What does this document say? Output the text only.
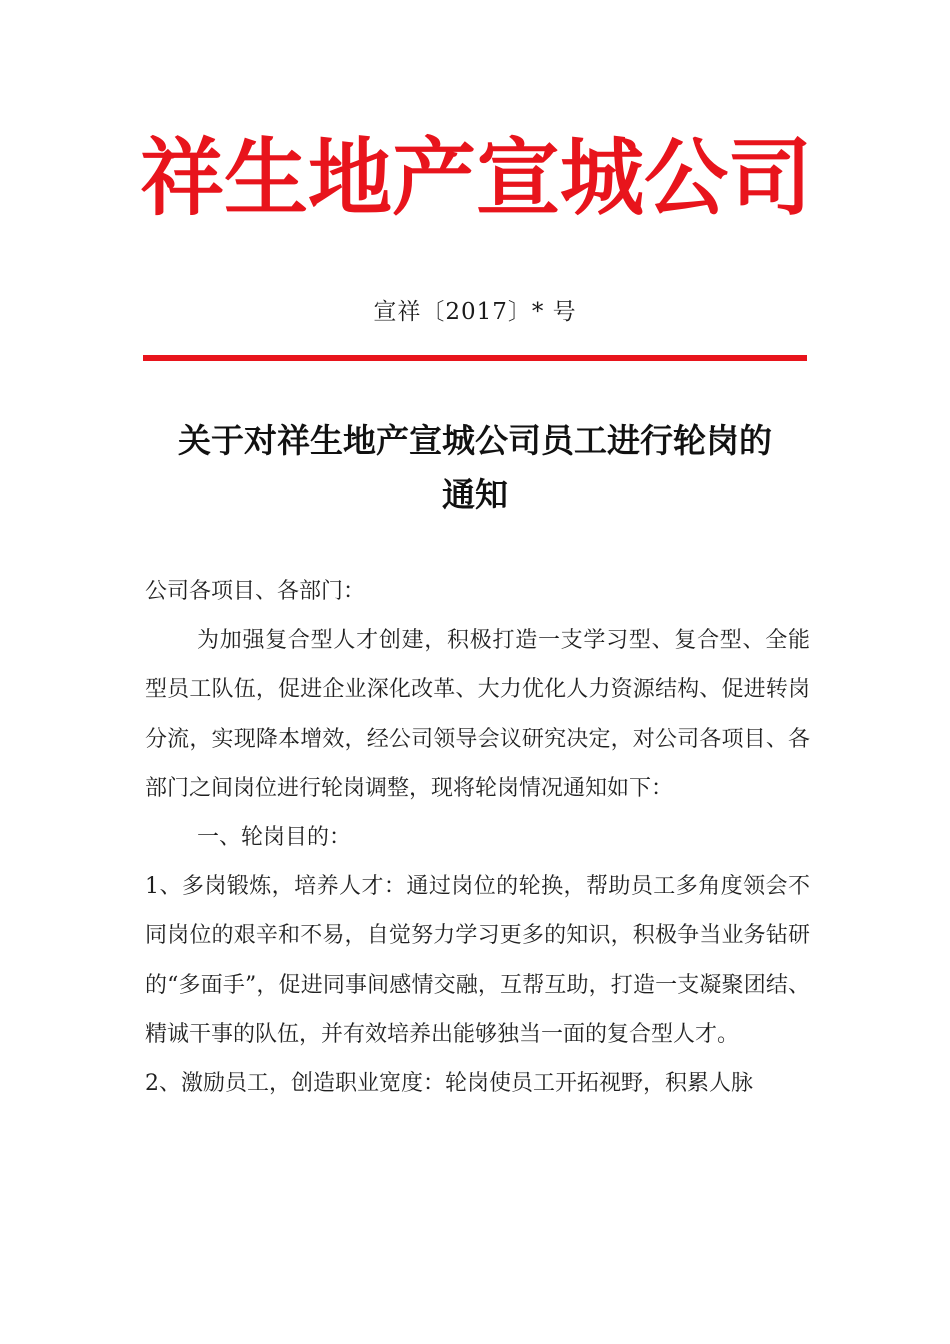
祥生地产宣城公司
宣祥〔2017〕* 号
关于对祥生地产宣城公司员工进行轮岗的
通知

公司各项目、各部门：

为加强复合型人才创建，积极打造一支学习型、复合型、全能型员工队伍，促进企业深化改革、大力优化人力资源结构、促进转岗分流，实现降本增效，经公司领导会议研究决定，对公司各项目、各部门之间岗位进行轮岗调整，现将轮岗情况通知如下：

一、轮岗目的：

1、多岗锻炼，培养人才：通过岗位的轮换，帮助员工多角度领会不同岗位的艰辛和不易，自觉努力学习更多的知识，积极争当业务钻研的“多面手”，促进同事间感情交融，互帮互助，打造一支凝聚团结、精诚干事的队伍，并有效培养出能够独当一面的复合型人才。

2、激励员工，创造职业宽度：轮岗使员工开拓视野，积累人脉
